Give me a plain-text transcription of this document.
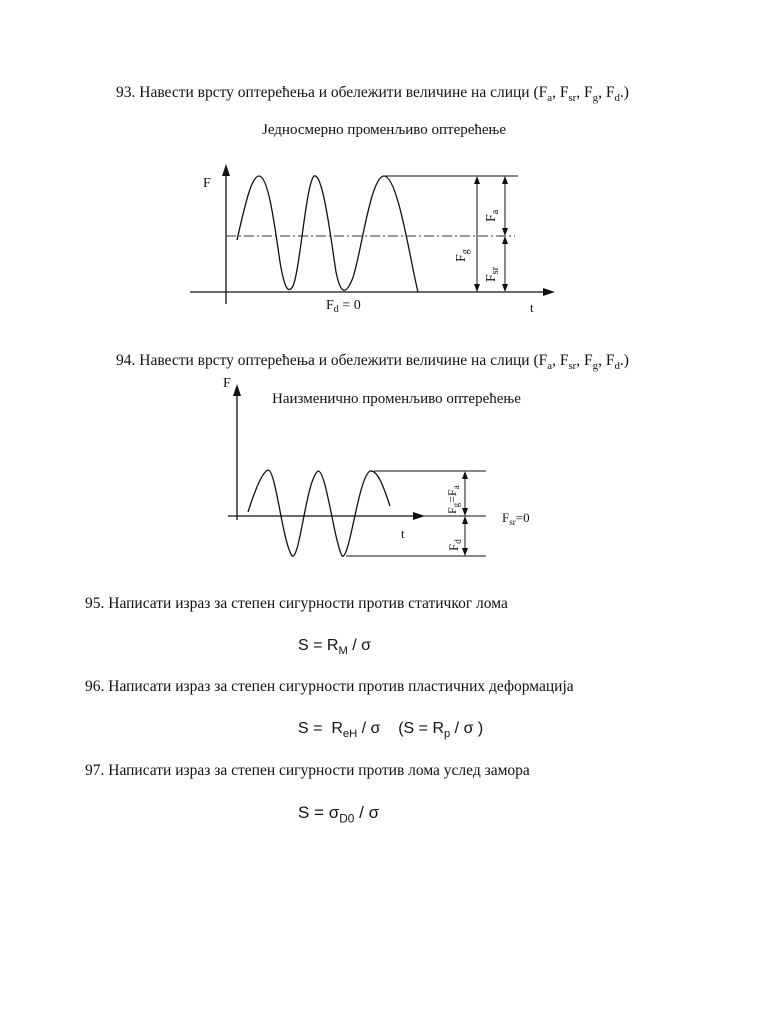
93. Навести врсту оптерећења и обележити величине на слици ($F_a$, $F_{sr}$, $F_g$, $F_d$.)
Једносмерно променљиво оптерећење
F
t
$F_d = 0$
$F_a$
$F_g$
$F_{sr}$
94. Навести врсту оптерећења и обележити величине на слици ($F_a$, $F_{sr}$, $F_g$, $F_d$.)
Наизменично променљиво оптерећење
F
t
$F_g=F_a$
$F_d$
$F_{sr}=0$
95. Написати израз за степен сигурности против статичког лома
$S = R_M / \sigma$
96. Написати израз за степен сигурности против пластичних деформација
$S = R_{eH} / \sigma$    ($S = R_p / \sigma$ )
97. Написати израз за степен сигурности против лома услед замора
$S = \sigma_{D0} / \sigma$
